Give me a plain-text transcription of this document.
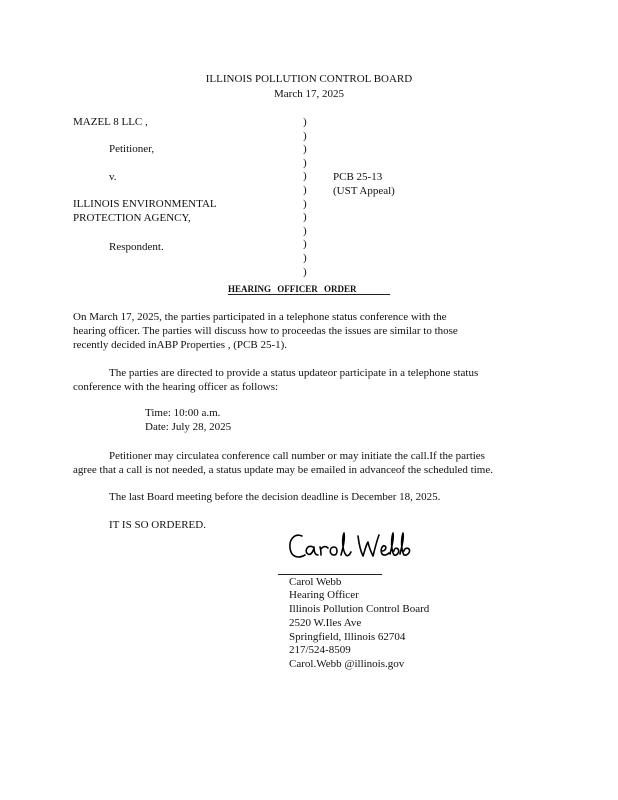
ILLINOIS POLLUTION CONTROL BOARD
March 17, 2025
MAZEL 8 LLC ,
Petitioner,
v.
ILLINOIS ENVIRONMENTAL
PROTECTION AGENCY,
Respondent.
)
)
)
)
)
)
)
)
)
)
)
)
PCB 25-13
(UST Appeal)
HEARING OFFICER ORDER
On March 17, 2025, the parties participated in a telephone status conference with the
hearing officer. The parties will discuss how to proceedas the issues are similar to those
recently decided inABP Properties , (PCB 25-1).
The parties are directed to provide a status updateor participate in a telephone status
conference with the hearing officer as follows:
Time: 10:00 a.m.
Date: July 28, 2025
Petitioner may circulatea conference call number or may initiate the call.If the parties
agree that a call is not needed, a status update may be emailed in advanceof the scheduled time.
The last Board meeting before the decision deadline is December 18, 2025.
IT IS SO ORDERED.
Carol Webb
Hearing Officer
Illinois Pollution Control Board
2520 W.Iles Ave
Springfield, Illinois 62704
217/524-8509
Carol.Webb @illinois.gov
